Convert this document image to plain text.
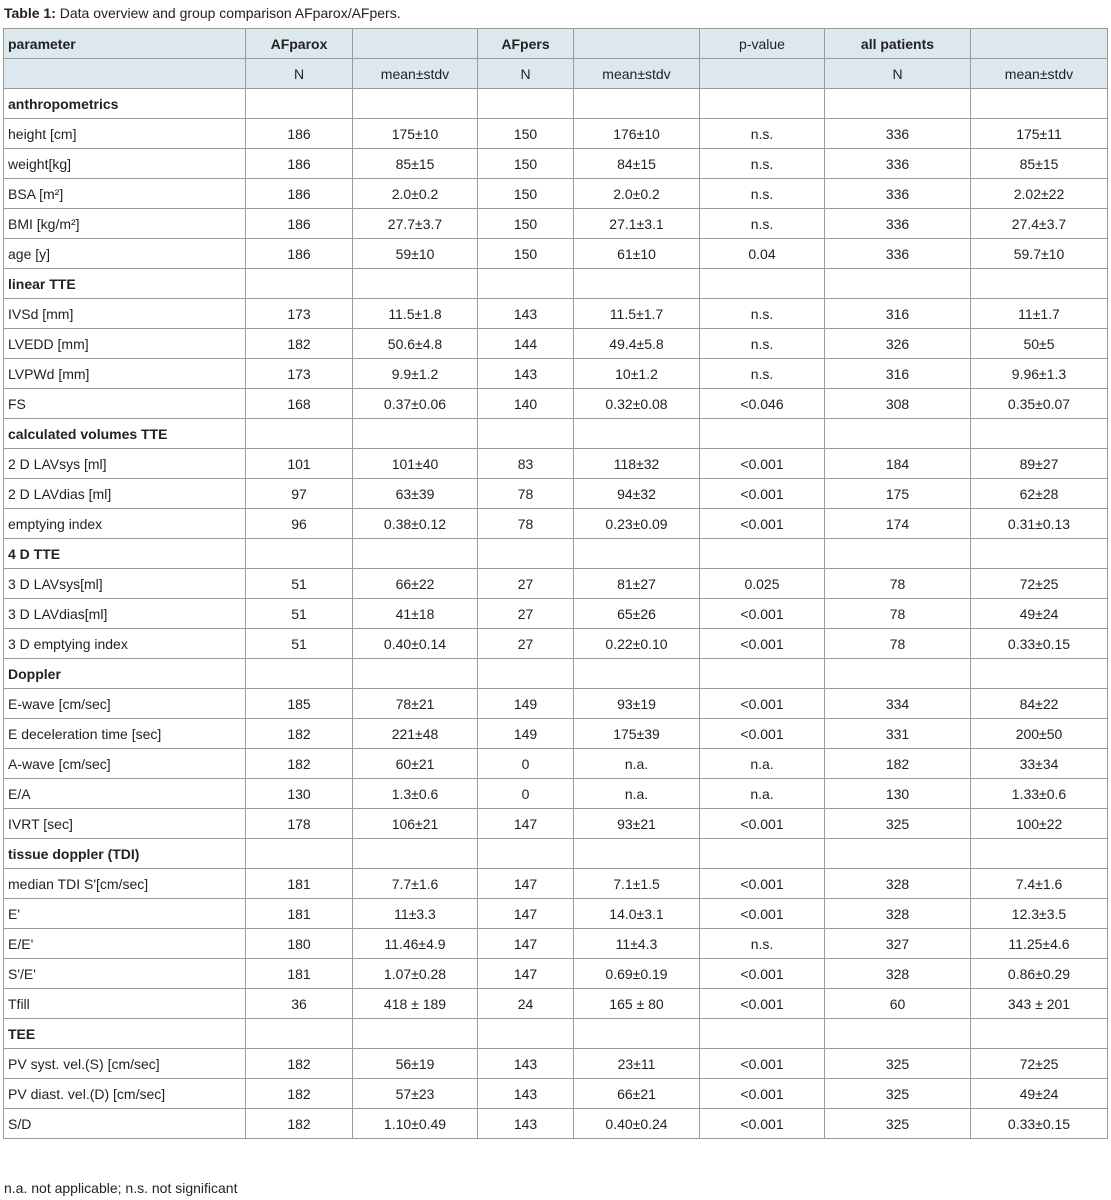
Table 1: Data overview and group comparison AFparox/AFpers.
parameter	AFparox		AFpers		p-value	all patients	
	N	mean±stdv	N	mean±stdv		N	mean±stdv
anthropometrics							
height [cm]	186	175±10	150	176±10	n.s.	336	175±11
weight[kg]	186	85±15	150	84±15	n.s.	336	85±15
BSA [m²]	186	2.0±0.2	150	2.0±0.2	n.s.	336	2.02±22
BMI [kg/m²]	186	27.7±3.7	150	27.1±3.1	n.s.	336	27.4±3.7
age [y]	186	59±10	150	61±10	0.04	336	59.7±10
linear TTE							
IVSd [mm]	173	11.5±1.8	143	11.5±1.7	n.s.	316	11±1.7
LVEDD [mm]	182	50.6±4.8	144	49.4±5.8	n.s.	326	50±5
LVPWd [mm]	173	9.9±1.2	143	10±1.2	n.s.	316	9.96±1.3
FS	168	0.37±0.06	140	0.32±0.08	<0.046	308	0.35±0.07
calculated volumes TTE							
2 D LAVsys [ml]	101	101±40	83	118±32	<0.001	184	89±27
2 D LAVdias [ml]	97	63±39	78	94±32	<0.001	175	62±28
emptying index	96	0.38±0.12	78	0.23±0.09	<0.001	174	0.31±0.13
4 D TTE							
3 D LAVsys[ml]	51	66±22	27	81±27	0.025	78	72±25
3 D LAVdias[ml]	51	41±18	27	65±26	<0.001	78	49±24
3 D emptying index	51	0.40±0.14	27	0.22±0.10	<0.001	78	0.33±0.15
Doppler							
E-wave [cm/sec]	185	78±21	149	93±19	<0.001	334	84±22
E deceleration time [sec]	182	221±48	149	175±39	<0.001	331	200±50
A-wave [cm/sec]	182	60±21	0	n.a.	n.a.	182	33±34
E/A	130	1.3±0.6	0	n.a.	n.a.	130	1.33±0.6
IVRT [sec]	178	106±21	147	93±21	<0.001	325	100±22
tissue doppler (TDI)							
median TDI S'[cm/sec]	181	7.7±1.6	147	7.1±1.5	<0.001	328	7.4±1.6
E'	181	11±3.3	147	14.0±3.1	<0.001	328	12.3±3.5
E/E'	180	11.46±4.9	147	11±4.3	n.s.	327	11.25±4.6
S'/E'	181	1.07±0.28	147	0.69±0.19	<0.001	328	0.86±0.29
Tfill	36	418 ± 189	24	165 ± 80	<0.001	60	343 ± 201
TEE							
PV syst. vel.(S) [cm/sec]	182	56±19	143	23±11	<0.001	325	72±25
PV diast. vel.(D) [cm/sec]	182	57±23	143	66±21	<0.001	325	49±24
S/D	182	1.10±0.49	143	0.40±0.24	<0.001	325	0.33±0.15
n.a. not applicable; n.s. not significant
